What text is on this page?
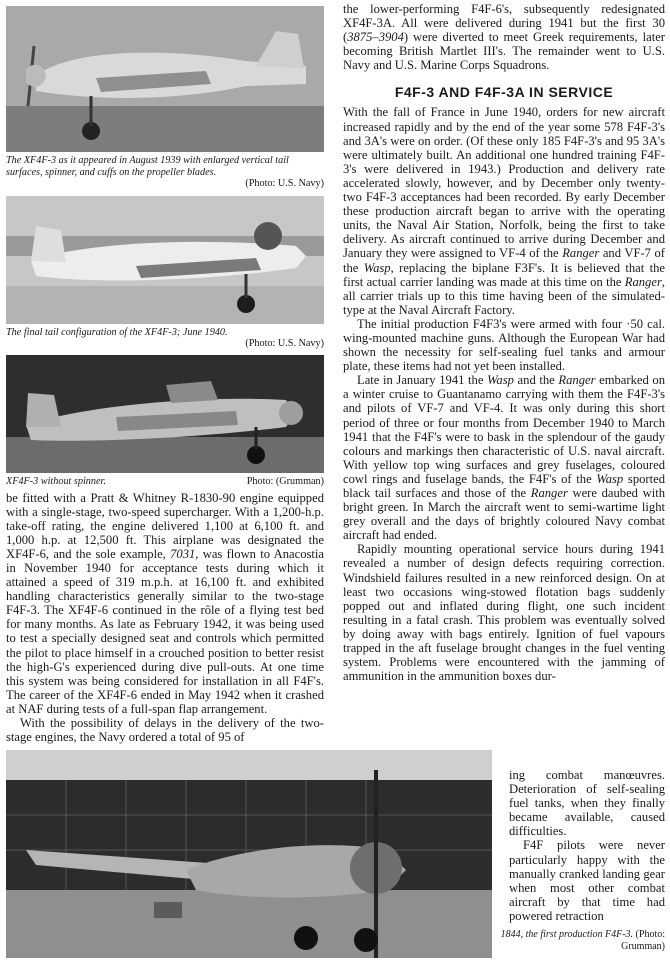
The XF4F-3 as it appeared in August 1939 with enlarged vertical tail surfaces, spinner, and cuffs on the propeller blades.
(Photo: U.S. Navy)

The final tail configuration of the XF4F-3; June 1940.
(Photo: U.S. Navy)

XF4F-3 without spinner.	Photo: (Grumman)

be fitted with a Pratt & Whitney R-1830-90 engine equipped with a single-stage, two-speed supercharger. With a 1,200-h.p. take-off rating, the engine delivered 1,100 at 6,100 ft. and 1,000 h.p. at 12,500 ft. This airplane was designated the XF4F-6, and the sole example, 7031, was flown to Anacostia in November 1940 for acceptance tests during which it attained a speed of 319 m.p.h. at 16,100 ft. and exhibited handling characteristics generally similar to the two-stage F4F-3. The XF4F-6 continued in the rôle of a flying test bed for many months. As late as February 1942, it was being used to test a specially designed seat and controls which permitted the pilot to place himself in a crouched position to better resist the high-G's experienced during dive pull-outs. At one time this system was being considered for installation in all F4F's. The career of the XF4F-6 ended in May 1942 when it crashed at NAF during tests of a full-span flap arrangement.

With the possibility of delays in the delivery of the two-stage engines, the Navy ordered a total of 95 of

the lower-performing F4F-6's, subsequently redesignated XF4F-3A. All were delivered during 1941 but the first 30 (3875–3904) were diverted to meet Greek requirements, later becoming British Martlet III's. The remainder went to U.S. Navy and U.S. Marine Corps Squadrons.

F4F-3 AND F4F-3A IN SERVICE

With the fall of France in June 1940, orders for new aircraft increased rapidly and by the end of the year some 578 F4F-3's and 3A's were on order. (Of these only 185 F4F-3's and 95 3A's were ultimately built. An additional one hundred training F4F-3's were delivered in 1943.) Production and delivery rate accelerated slowly, however, and by December only twenty-two F4F-3 acceptances had been recorded. By early December these production aircraft began to arrive with the operating units, the Naval Air Station, Norfolk, being the first to take delivery. As aircraft continued to arrive during December and January they were assigned to VF-4 of the Ranger and VF-7 of the Wasp, replacing the biplane F3F's. It is believed that the first actual carrier landing was made at this time on the Ranger, all carrier trials up to this time having been of the simulated-type at the Naval Aircraft Factory.

The initial production F4F3's were armed with four ·50 cal. wing-mounted machine guns. Although the European War had shown the necessity for self-sealing fuel tanks and armour plate, these items had not yet been installed.

Late in January 1941 the Wasp and the Ranger embarked on a winter cruise to Guantanamo carrying with them the F4F-3's and pilots of VF-7 and VF-4. It was only during this short period of three or four months from December 1940 to March 1941 that the F4F's were to bask in the splendour of the gaudy colours and markings then characteristic of U.S. naval aircraft. With yellow top wing surfaces and grey fuselages, coloured cowl rings and fuselage bands, the F4F's of the Wasp sported black tail surfaces and those of the Ranger were daubed with bright green. In March the aircraft went to semi-wartime light grey overall and the days of brightly coloured Navy combat aircraft had ended.

Rapidly mounting operational service hours during 1941 revealed a number of design defects requiring correction. Windshield failures resulted in a new reinforced design. On at least two occasions wing-stowed flotation bags suddenly popped out and inflated during flight, one such incident resulting in a fatal crash. This problem was eventually solved by doing away with bags entirely. Ignition of fuel vapours trapped in the aft fuselage brought changes in the fuel venting system. Problems were encountered with the jamming of ammunition in the ammunition boxes dur-

ing combat manœuvres. Deterioration of self-sealing fuel tanks, when they finally became available, caused difficulties.

F4F pilots were never particularly happy with the manually cranked landing gear when most other combat aircraft by that time had powered retraction

1844, the first production F4F-3. (Photo: Grumman)
